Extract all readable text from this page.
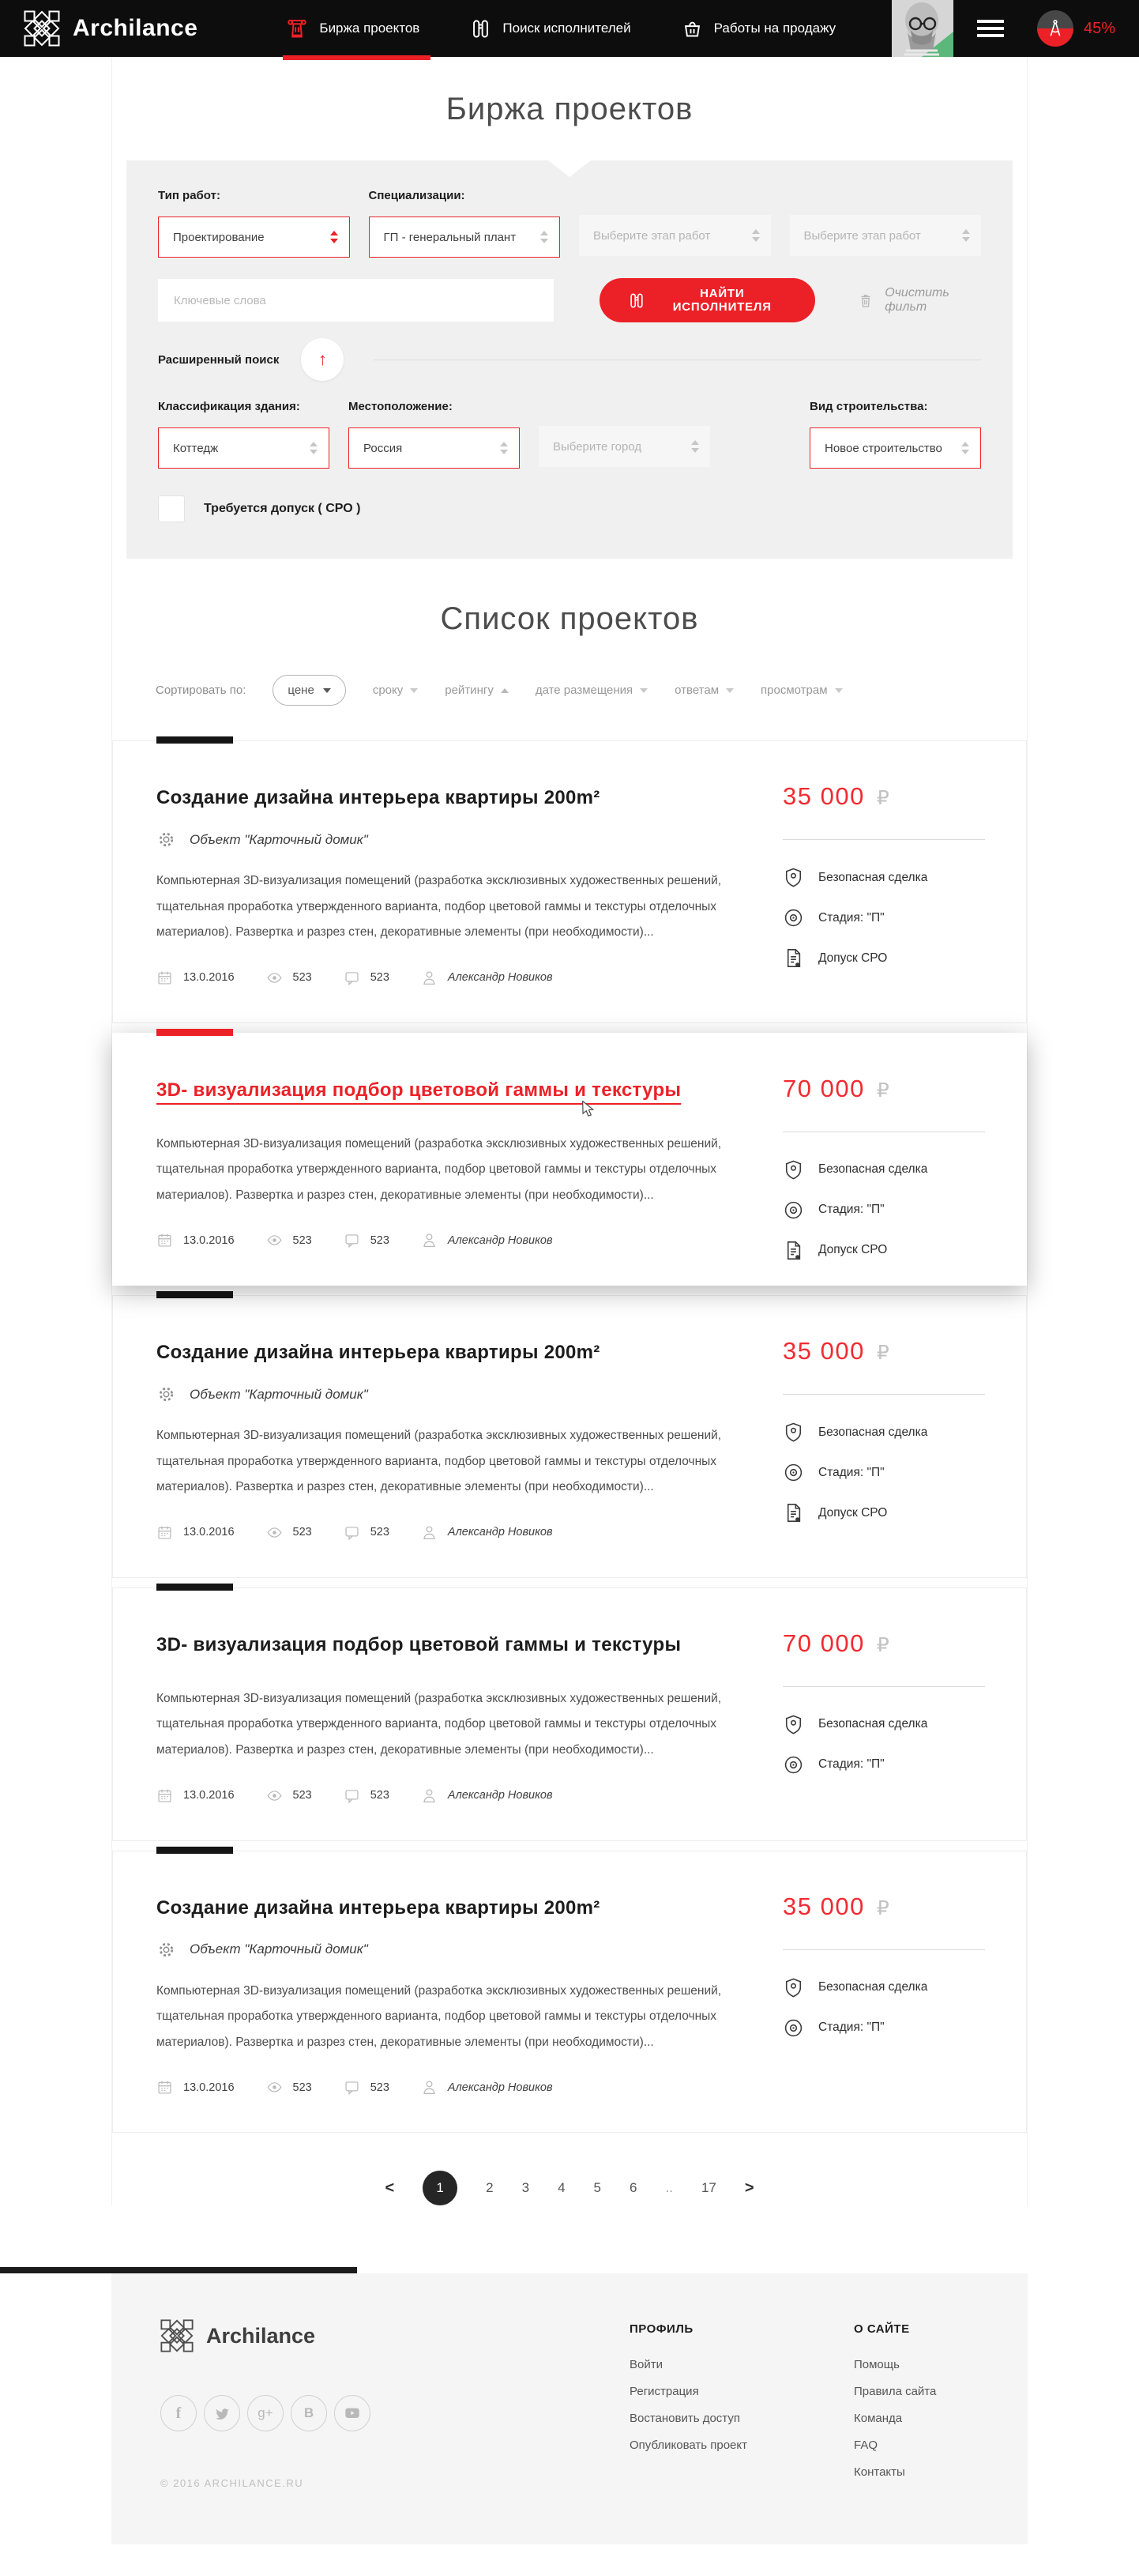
Archilance	Биржа проектов	Поиск исполнителей	Работы на продажу	45%
Биржа проектов
Тип работ:
Проектирование
Специализации:
ГП - генеральный плант	Выберите этап работ	Выберите этап работ
Ключевые слова
НАЙТИ ИСПОЛНИТЕЛЯ
Очистить фильт
Расширенный поиск ↑
Классификация здания:
Коттедж
Местоположение:
Россия	Выберите город
Вид строительства:
Новое строительство
Требуется допуск ( СРО )
Список проектов
Сортировать по:	цене	сроку	рейтингу	дате размещения	ответам	просмотрам
Создание дизайна интерьера квартиры 200m²
Объект "Карточный домик"

Компьютерная 3D-визуализация помещений (разработка эксклюзивных художественных решений, тщательная проработка утвержденного варианта, подбор цветовой гаммы и текстуры отделочных материалов). Развертка и разрез стен, декоративные элементы (при необходимости)...

13.0.2016	523	523	Александр Новиков
35 000 ₽
Безопасная сделка
Стадия: "П"
Допуск СРО
3D- визуализация подбор цветовой гаммы и текстуры

Компьютерная 3D-визуализация помещений (разработка эксклюзивных художественных решений, тщательная проработка утвержденного варианта, подбор цветовой гаммы и текстуры отделочных материалов). Развертка и разрез стен, декоративные элементы (при необходимости)...

13.0.2016	523	523	Александр Новиков
70 000 ₽
Безопасная сделка
Стадия: "П"
Допуск СРО
Создание дизайна интерьера квартиры 200m²
Объект "Карточный домик"

Компьютерная 3D-визуализация помещений (разработка эксклюзивных художественных решений, тщательная проработка утвержденного варианта, подбор цветовой гаммы и текстуры отделочных материалов). Развертка и разрез стен, декоративные элементы (при необходимости)...

13.0.2016	523	523	Александр Новиков
35 000 ₽
Безопасная сделка
Стадия: "П"
Допуск СРО
3D- визуализация подбор цветовой гаммы и текстуры

Компьютерная 3D-визуализация помещений (разработка эксклюзивных художественных решений, тщательная проработка утвержденного варианта, подбор цветовой гаммы и текстуры отделочных материалов). Развертка и разрез стен, декоративные элементы (при необходимости)...

13.0.2016	523	523	Александр Новиков
70 000 ₽
Безопасная сделка
Стадия: "П"
Создание дизайна интерьера квартиры 200m²
Объект "Карточный домик"

Компьютерная 3D-визуализация помещений (разработка эксклюзивных художественных решений, тщательная проработка утвержденного варианта, подбор цветовой гаммы и текстуры отделочных материалов). Развертка и разрез стен, декоративные элементы (при необходимости)...

13.0.2016	523	523	Александр Новиков
35 000 ₽
Безопасная сделка
Стадия: "П"
<	1	2 3 4 5 6 .. 17 >
Archilance
f	g+ В
© 2016 ARCHILANCE.RU
ПРОФИЛЬ
Войти
Регистрация
Востановить доступ
Опубликовать проект
О САЙТЕ
Помощь
Правила сайта
Команда
FAQ
Контакты
